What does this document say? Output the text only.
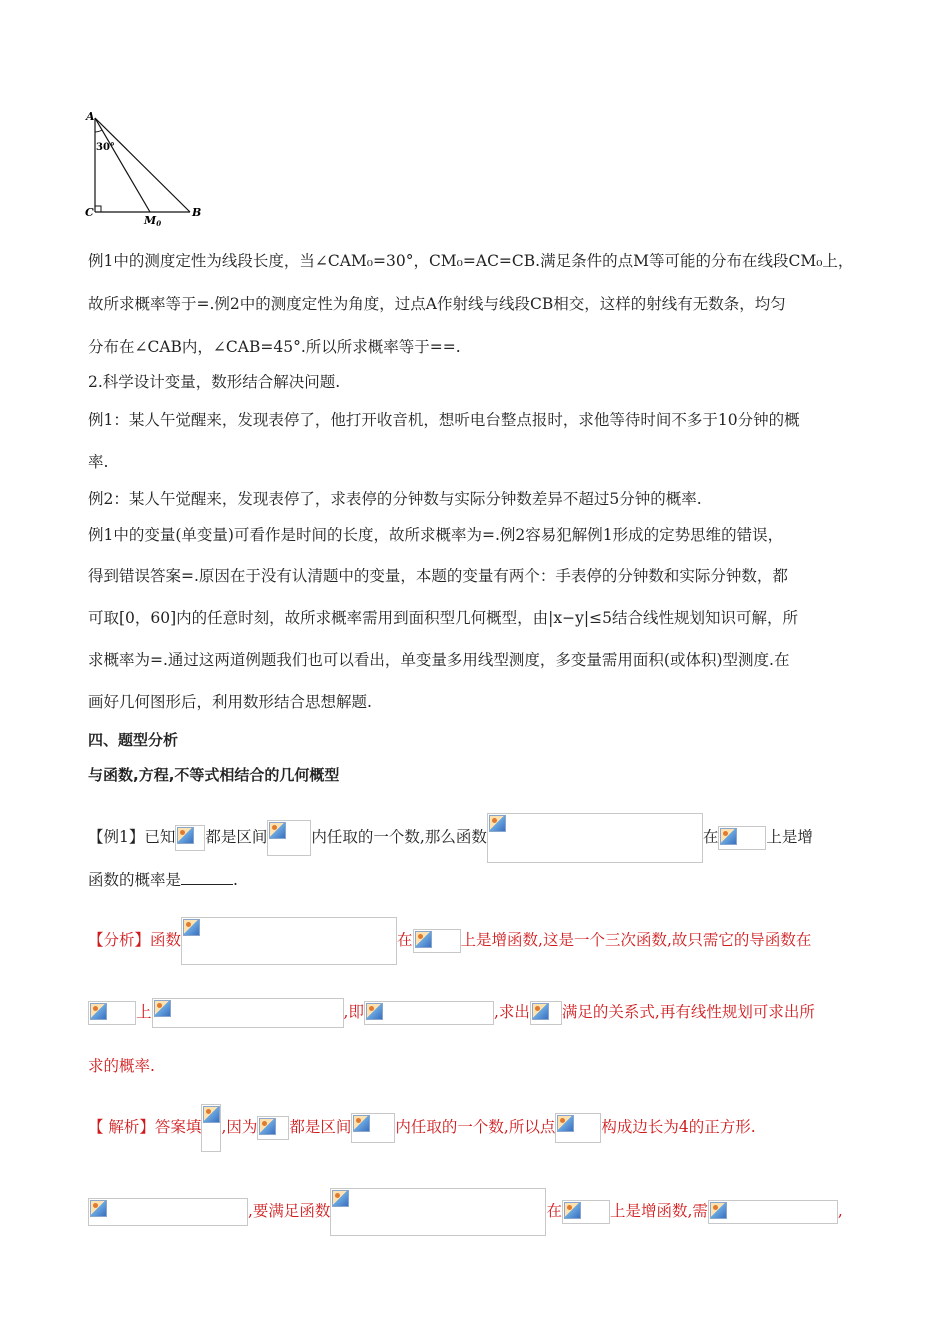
A
30°
C
M0
B
例1中的测度定性为线段长度，当∠CAM₀=30°，CM₀=AC=CB.满足条件的点M等可能的分布在线段CM₀上，
故所求概率等于=.例2中的测度定性为角度，过点A作射线与线段CB相交，这样的射线有无数条，均匀
分布在∠CAB内，∠CAB=45°.所以所求概率等于==.
2.科学设计变量，数形结合解决问题.
例1：某人午觉醒来，发现表停了，他打开收音机，想听电台整点报时，求他等待时间不多于10分钟的概
率.
例2：某人午觉醒来，发现表停了，求表停的分钟数与实际分钟数差异不超过5分钟的概率.
例1中的变量(单变量)可看作是时间的长度，故所求概率为=.例2容易犯解例1形成的定势思维的错误，
得到错误答案=.原因在于没有认清题中的变量，本题的变量有两个：手表停的分钟数和实际分钟数，都
可取[0，60]内的任意时刻，故所求概率需用到面积型几何概型，由|x−y|≤5结合线性规划知识可解，所
求概率为=.通过这两道例题我们也可以看出，单变量多用线型测度，多变量需用面积(或体积)型测度.在
画好几何图形后，利用数形结合思想解题.
四、题型分析
与函数,方程,不等式相结合的几何概型
【例1】已知 都是区间	内任取的一个数,那么函数	在	上是增
函数的概率是	.
【分析】函数	在	上是增函数,这是一个三次函数,故只需它的导函数在
上	,即	,求出 满足的关系式,再有线性规划可求出所
求的概率.
【 解析】答案填 ,因为 都是区间	内任取的一个数,所以点	构成边长为4的正方形.
,要满足函数	在	上是增函数,需	,
